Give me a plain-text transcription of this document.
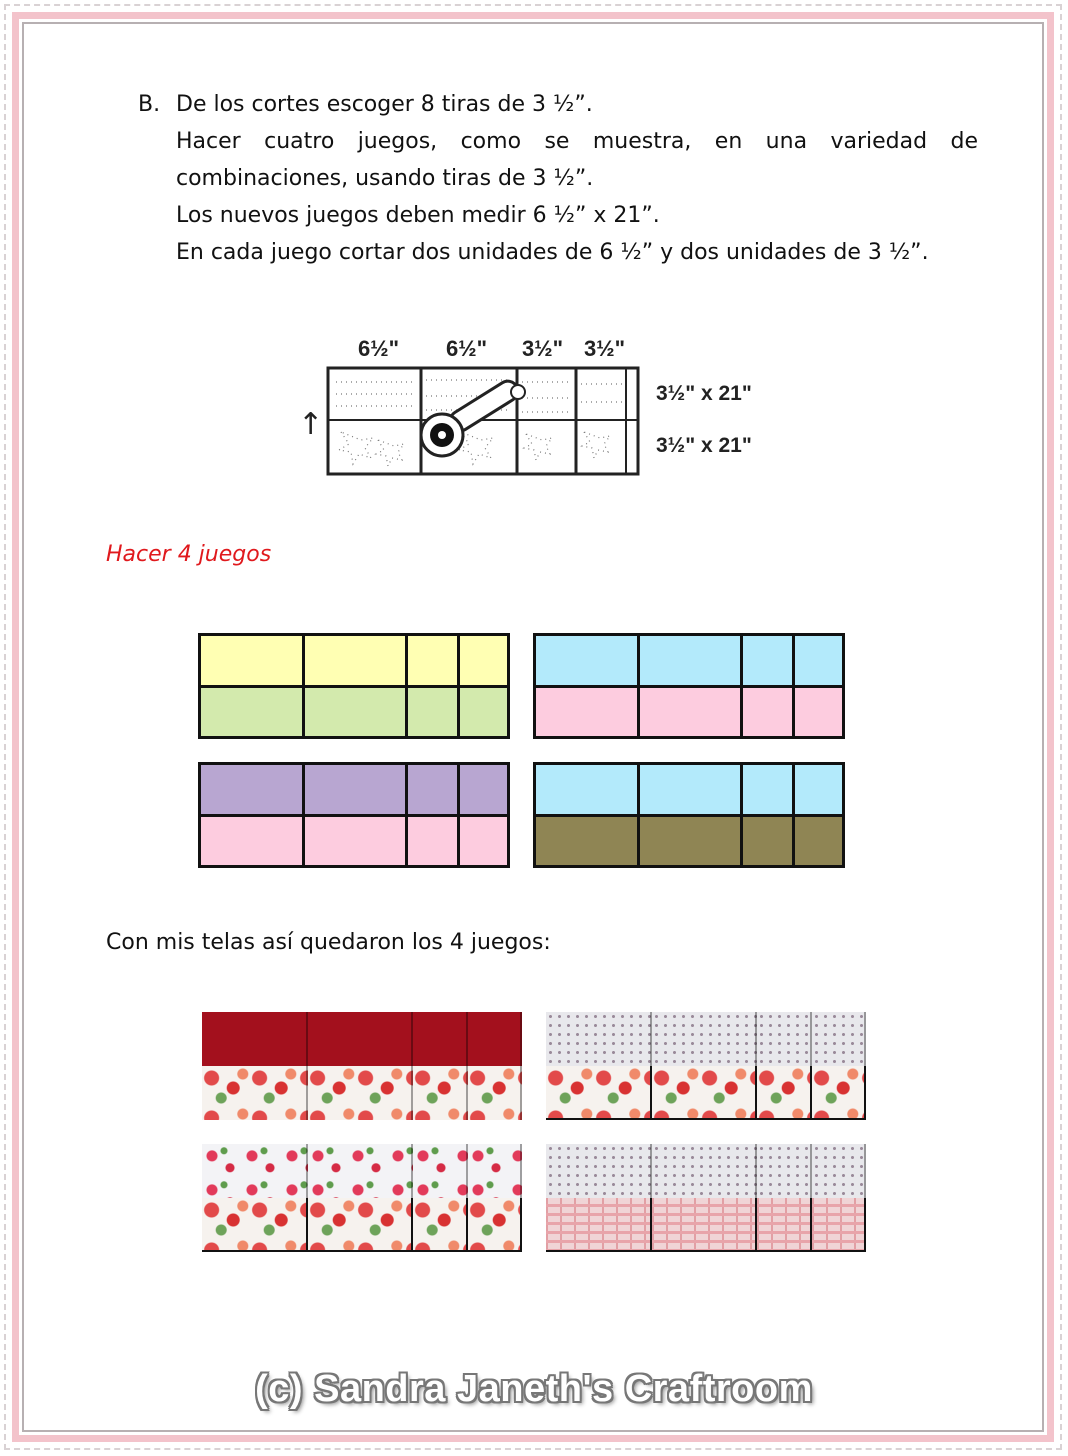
B. De los cortes escoger 8 tiras de 3 ½”.
Hacer cuatro juegos, como se muestra, en una variedad de
combinaciones, usando tiras de 3 ½”.
Los nuevos juegos deben medir 6 ½” x 21”.
En cada juego cortar dos unidades de 6 ½” y dos unidades de 3 ½”.
6½" 6½" 3½" 3½"
↑
3½" x 21"
3½" x 21"
Hacer 4 juegos
Con mis telas así quedaron los 4 juegos:
(c) Sandra Janeth's Craftroom
